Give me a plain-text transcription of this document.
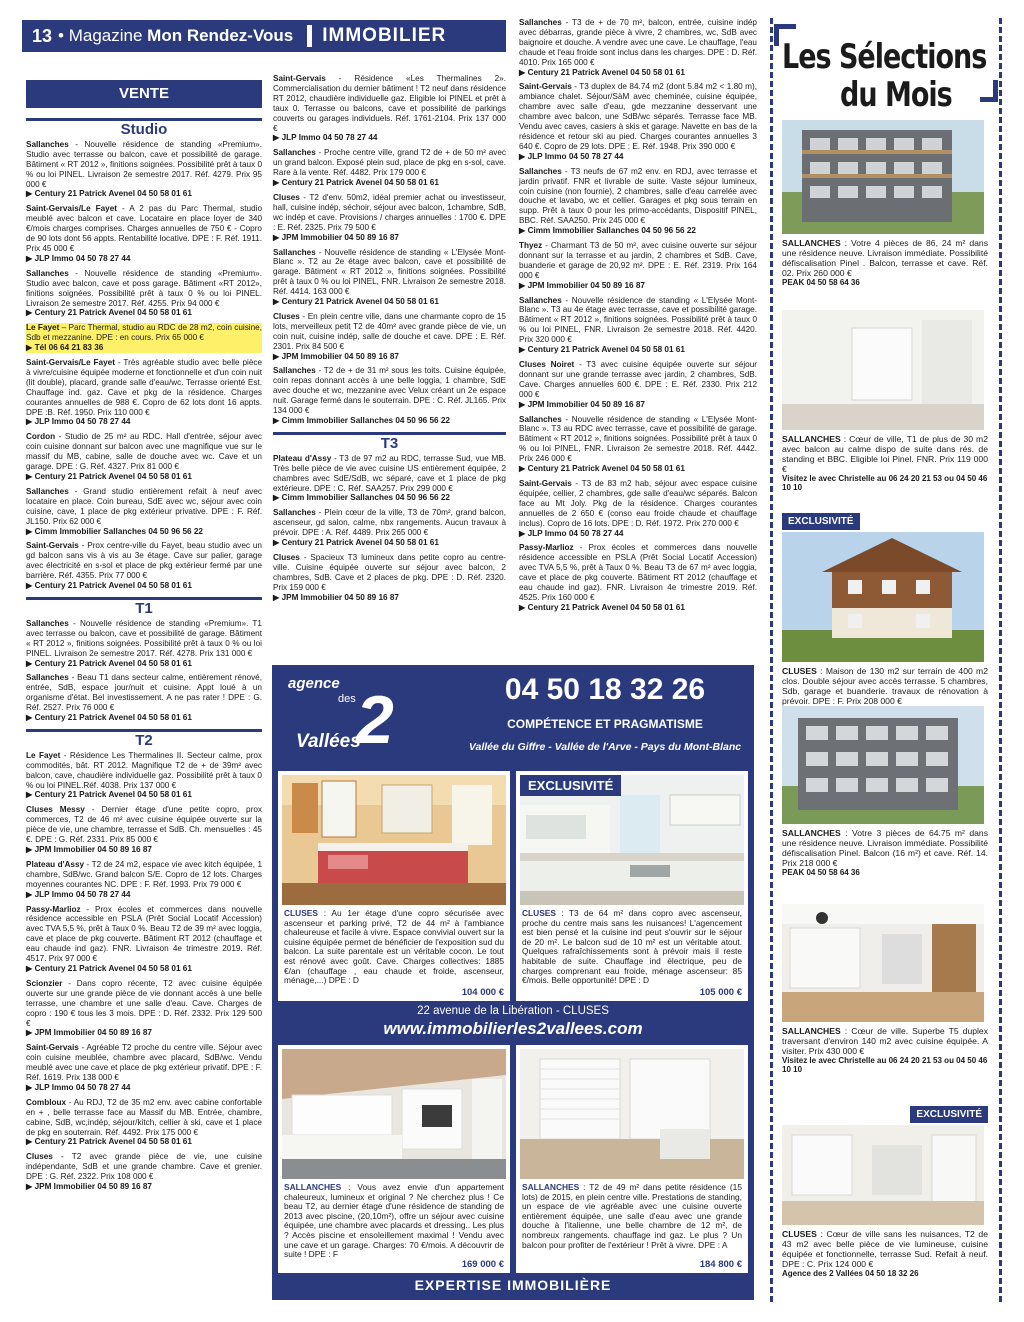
13 • Magazine Mon Rendez-Vous IMMOBILIER
VENTE
Studio
Sallanches - Nouvelle résidence de standing «Premium». Studio avec terrasse ou balcon, cave et possibilité de garage. Bâtiment « RT 2012 », finitions soignées. Possibilité prêt à taux 0 % ou loi PINEL. Livraison 2e semestre 2017. Réf. 4279. Prix 95 000 €
▶ Century 21 Patrick Avenel 04 50 58 01 61
Saint-Gervais/Le Fayet - A 2 pas du Parc Thermal, studio meublé avec balcon et cave. Locataire en place loyer de 340 €/mois charges comprises. Charges annuelles de 750 € - Copro de 90 lots dont 56 appts. Rentabilité locative. DPE : F. Réf. 1911. Prix 45 000 €
▶ JLP Immo 04 50 78 27 44
Sallanches - Nouvelle résidence de standing «Premium». Studio avec balcon, cave et poss garage. Bâtiment «RT 2012», finitions soignées. Possibilité prêt à taux 0 % ou loi PINEL. Livraison 2e semestre 2017. Réf. 4255. Prix 94 000 €
▶ Century 21 Patrick Avenel 04 50 58 01 61
Le Fayet – Parc Thermal, studio au RDC de 28 m2, coin cuisine, Sdb et mezzanine. DPE : en cours. Prix 65 000 €
▶ Tél 06 64 21 83 36
Saint-Gervais/Le Fayet - Très agréable studio avec belle pièce à vivre/cuisine équipée moderne et fonctionnelle et d'un coin nuit (lit double), placard, grande salle d'eau/wc. Terrasse orienté Est. Chauffage ind. gaz. Cave et pkg de la résidence. Charges courantes annuelles de 988 €. Copro de 62 lots dont 16 appts. DPE :B. Réf. 1950. Prix 110 000 €
▶ JLP Immo 04 50 78 27 44
Cordon - Studio de 25 m² au RDC. Hall d'entrée, séjour avec coin cuisine donnant sur balcon avec une magnifique vue sur le massif du MB, cabine, salle de douche avec wc. Cave et un garage. DPE : G. Réf. 4327. Prix 81 000 €
▶ Century 21 Patrick Avenel 04 50 58 01 61
Sallanches - Grand studio entièrement refait à neuf avec locataire en place. Coin bureau, SdE avec wc, séjour avec coin cuisine, cave, 1 place de pkg extérieur privative. DPE : F. Réf. JL150. Prix 62 000 €
▶ Cimm Immobilier Sallanches 04 50 96 56 22
Saint-Gervais - Prox centre-ville du Fayet, beau studio avec un gd balcon sans vis à vis au 3e étage. Cave sur palier, garage avec électricité en s-sol et place de pkg extérieur fermé par une barrière. Réf. 4355. Prix 77 000 €
▶ Century 21 Patrick Avenel 04 50 58 01 61
T1
Sallanches - Nouvelle résidence de standing «Premium». T1 avec terrasse ou balcon, cave et possibilité de garage. Bâtiment « RT 2012 », finitions soignées. Possibilité prêt à taux 0 % ou loi PINEL. Livraison 2e semestre 2017. Réf. 4278. Prix 131 000 €
▶ Century 21 Patrick Avenel 04 50 58 01 61
Sallanches - Beau T1 dans secteur calme, entièrement rénové, entrée, SdB, espace jour/nuit et cuisine. Appt loué à un organisme d'état. Bel investissement. A ne pas rater ! DPE : G. Réf. 2527. Prix 76 000 €
▶ Century 21 Patrick Avenel 04 50 58 01 61
T2
Le Fayet - Résidence Les Thermalines II. Secteur calme, prox commodités, bât. RT 2012. Magnifique T2 de + de 39m² avec balcon, cave, chaudière individuelle gaz. Possibilité prêt à taux 0 % ou loi PINEL.Réf. 4038. Prix 137 000 €
▶ Century 21 Patrick Avenel 04 50 58 01 61
Cluses Messy - Dernier étage d'une petite copro, prox commerces, T2 de 46 m² avec cuisine équipée ouverte sur la pièce de vie, une chambre, terrasse et SdB. Ch. mensuelles : 45 €. DPE : G. Réf. 2331. Prix 85 000 €
▶ JPM Immobilier 04 50 89 16 87
Plateau d'Assy - T2 de 24 m2, espace vie avec kitch équipée, 1 chambre, SdB/wc. Grand balcon S/E. Copro de 12 lots. Charges moyennes courantes NC. DPE : F. Réf. 1993. Prix 79 000 €
▶ JLP Immo 04 50 78 27 44
Passy-Marlioz - Prox écoles et commerces dans nouvelle résidence accessible en PSLA (Prêt Social Locatif Accession) avec TVA 5,5 %, prêt à Taux 0 %. Beau T2 de 39 m² avec loggia, cave et place de pkg couverte. Bâtiment RT 2012 (chauffage et eau chaude ind gaz). FNR. Livraison 4e trimestre 2019. Réf. 4517. Prix 97 000 €
▶ Century 21 Patrick Avenel 04 50 58 01 61
Scionzier - Dans copro récente, T2 avec cuisine équipée ouverte sur une grande pièce de vie donnant accès à une belle terrasse, une chambre et une salle d'eau. Cave. Charges de copro : 190 € tous les 3 mois. DPE : D. Réf. 2332. Prix 129 500 €
▶ JPM Immobilier 04 50 89 16 87
Saint-Gervais - Agréable T2 proche du centre ville. Séjour avec coin cuisine meublée, chambre avec placard, SdB/wc. Vendu meublé avec une cave et place de pkg extérieur privatif. DPE : F. Réf. 1619. Prix 138 000 €
▶ JLP Immo 04 50 78 27 44
Combloux - Au RDJ, T2 de 35 m2 env. avec cabine confortable en + , belle terrasse face au Massif du MB. Entrée, chambre, cabine, SdB, wc,indép, séjour/kitch, cellier à ski, cave et 1 place de pkg en souterrain. Réf. 4492. Prix 175 000 €
▶ Century 21 Patrick Avenel 04 50 58 01 61
Cluses - T2 avec grande pièce de vie, une cuisine indépendante, SdB et une grande chambre. Cave et grenier. DPE : G. Réf. 2322. Prix 108 000 €
▶ JPM Immobilier 04 50 89 16 87
Saint-Gervais - Résidence «Les Thermalines 2». Commercialisation du dernier bâtiment ! T2 neuf dans résidence RT 2012, chaudière individuelle gaz. Eligible loi PINEL et prêt à taux 0. Terrasse ou balcons, cave et possibilité de parkings couverts ou garages individuels. Réf. 1761-2104. Prix 137 000 €
▶ JLP Immo 04 50 78 27 44
Sallanches - Proche centre ville, grand T2 de + de 50 m² avec un grand balcon. Exposé plein sud, place de pkg en s-sol, cave. Rare à la vente. Réf. 4482. Prix 179 000 €
▶ Century 21 Patrick Avenel 04 50 58 01 61
Cluses - T2 d'env. 50m2, idéal premier achat ou investisseur, hall, cuisine indép, séchoir, séjour avec balcon, 1chambre, SdB, wc indép et cave. Provisions / charges annuelles : 1700 €. DPE : E. Réf. 2325. Prix 79 500 €
▶ JPM Immobilier 04 50 89 16 87
Sallanches - Nouvelle résidence de standing « L'Elysée Mont-Blanc ». T2 au 2e étage avec balcon, cave et possibilité de garage. Bâtiment « RT 2012 », finitions soignées. Possibilité prêt à taux 0 % ou loi PINEL, FNR. Livraison 2e semestre 2018. Réf. 4414. 163 000 €
▶ Century 21 Patrick Avenel 04 50 58 01 61
Cluses - En plein centre ville, dans une charmante copro de 15 lots, merveilleux petit T2 de 40m² avec grande pièce de vie, un coin nuit, cuisine indép, salle de douche et cave. DPE : E. Réf. 2301. Prix 84 500 €
▶ JPM Immobilier 04 50 89 16 87
Sallanches - T2 de + de 31 m² sous les toits. Cuisine équipée, coin repas donnant accès à une belle loggia, 1 chambre, SdE avec douche et wc, mezzanine avec Velux créant un 2e espace nuit. Garage fermé dans le souterrain. DPE : C. Réf. JL165. Prix 134 000 €
▶ Cimm Immobilier Sallanches 04 50 96 56 22
T3
Plateau d'Assy - T3 de 97 m2 au RDC, terrasse Sud, vue MB. Très belle pièce de vie avec cuisine US entièrement équipée, 2 chambres avec SdE/SdB, wc séparé, cave et 1 place de pkg extérieure. DPE : C. Réf. SAA257. Prix 299 000 €
▶ Cimm Immobilier Sallanches 04 50 96 56 22
Sallanches - Plein cœur de la ville, T3 de 70m², grand balcon, ascenseur, gd salon, calme, nbx rangements. Aucun travaux à prévoir. DPE : A. Réf. 4489. Prix 265 000 €
▶ Century 21 Patrick Avenel 04 50 58 01 61
Cluses - Spacieux T3 lumineux dans petite copro au centre-ville. Cuisine équipée ouverte sur séjour avec balcon, 2 chambres, SdB. Cave et 2 places de pkg. DPE : D. Réf. 2320. Prix 159 000 €
▶ JPM Immobilier 04 50 89 16 87
Sallanches - T3 de + de 70 m², balcon, entrée, cuisine indép avec débarras, grande pièce à vivre, 2 chambres, wc, SdB avec baignoire et douche. A vendre avec une cave. Le chauffage, l'eau chaude et l'eau froide sont inclus dans les charges. DPE : D. Réf. 4010. Prix 165 000 €
▶ Century 21 Patrick Avenel 04 50 58 01 61
Saint-Gervais - T3 duplex de 84.74 m2 (dont 5.84 m2 < 1.80 m), ambiance chalet. Séjour/SàM avec cheminée, cuisine équipée, chambre avec salle d'eau, gde mezzanine desservant une chambre avec balcon, une SdB/wc séparés. Terrasse face MB. Vendu avec caves, casiers à skis et garage. Navette en bas de la résidence et retour ski au pied. Charges courantes annuelles 3 640 €. Copro de 29 lots. DPE : E. Réf. 1948. Prix 390 000 €
▶ JLP Immo 04 50 78 27 44
Sallanches - T3 neufs de 67 m2 env. en RDJ, avec terrasse et jardin privatif. FNR et livrable de suite. Vaste séjour lumineux, coin cuisine (non fournie), 2 chambres, salle d'eau carrelée avec douche et lavabo, wc et cellier. Garages et pkg sous terrain en supp. Prêt à taux 0 pour les primo-accédants, Dispositif PINEL, BBC. Réf. SAA250. Prix 245 000 €
▶ Cimm Immobilier Sallanches 04 50 96 56 22
Thyez - Charmant T3 de 50 m², avec cuisine ouverte sur séjour donnant sur la terrasse et au jardin, 2 chambres et SdB. Cave, buanderie et garage de 20,92 m². DPE : E. Réf. 2319. Prix 164 000 €
▶ JPM Immobilier 04 50 89 16 87
Sallanches - Nouvelle résidence de standing « L'Elysée Mont-Blanc ». T3 au 4e étage avec terrasse, cave et possibilité garage. Bâtiment « RT 2012 », finitions soignées. Possibilité prêt à taux 0 % ou loi PINEL, FNR. Livraison 2e semestre 2018. Réf. 4420. Prix 320 000 €
▶ Century 21 Patrick Avenel 04 50 58 01 61
Cluses Noiret - T3 avec cuisine équipée ouverte sur séjour donnant sur une grande terrasse avec jardin, 2 chambres, SdB. Cave. Charges annuelles 600 €. DPE : E. Réf. 2330. Prix 212 000 €
▶ JPM Immobilier 04 50 89 16 87
Sallanches - Nouvelle résidence de standing « L'Elysée Mont-Blanc ». T3 au RDC avec terrasse, cave et possibilité de garage. Bâtiment « RT 2012 », finitions soignées. Possibilité prêt à taux 0 % ou loi PINEL, FNR. Livraison 2e semestre 2018. Réf. 4442. Prix 246 000 €
▶ Century 21 Patrick Avenel 04 50 58 01 61
Saint-Gervais - T3 de 83 m2 hab, séjour avec espace cuisine équipée, cellier, 2 chambres, gde salle d'eau/wc séparés. Balcon face au Mt Joly. Pkg de la résidence. Charges courantes annuelles de 2 650 € (conso eau froide chaude et chauffage inclus). Copro de 16 lots. DPE : D. Réf. 1972. Prix 270 000 €
▶ JLP Immo 04 50 78 27 44
Passy-Marlioz - Prox écoles et commerces dans nouvelle résidence accessible en PSLA (Prêt Social Locatif Accession) avec TVA 5,5 %, prêt à Taux 0 %. Beau T3 de 67 m² avec loggia, cave et place de pkg couverte. Bâtiment RT 2012 (chauffage et eau chaude ind gaz). FNR. Livraison 4e trimestre 2019. Réf. 4525. Prix 160 000 €
▶ Century 21 Patrick Avenel 04 50 58 01 61
agence
des 2
Vallées
04 50 18 32 26
COMPÉTENCE ET PRAGMATISME
Vallée du Giffre - Vallée de l'Arve - Pays du Mont-Blanc
CLUSES : Au 1er étage d'une copro sécurisée avec ascenseur et parking privé, T2 de 44 m² à l'ambiance chaleureuse et facile à vivre. Espace convivial ouvert sur la cuisine équipée permet de bénéficier de l'exposition sud du balcon. La suite parentale est un véritable cocon. Le tout est rénové avec goût. Cave. Charges collectives: 1885 €/an (chauffage , eau chaude et froide, ascenseur, ménage,...) DPE : D
104 000 €
EXCLUSIVITÉ
CLUSES : T3 de 64 m² dans copro avec ascenseur, proche du centre mais sans les nuisances! L'agencement est bien pensé et la cuisine ind peut s'ouvrir sur le séjour de 20 m². Le balcon sud de 10 m² est un véritable atout. Quelques rafraîchissements sont à prévoir mais il reste habitable de suite. Chauffage ind électrique, peu de charges comprenant eau froide, ménage ascenseur: 85 €/mois. Belle opportunité! DPE : D
105 000 €
22 avenue de la Libération - CLUSES
www.immobilierles2vallees.com
SALLANCHES : Vous avez envie d'un appartement chaleureux, lumineux et original ? Ne cherchez plus ! Ce beau T2, au dernier étage d'une résidence de standing de 2013 avec piscine, (20,10m²), offre un séjour avec cuisine équipée, une chambre avec placards et dressing.. Les plus ? Accès piscine et ensoleillement maximal ! Vendu avec une cave et un garage. Charges: 70 €/mois. A découvrir de suite ! DPE : F
169 000 €
SALLANCHES : T2 de 49 m² dans petite résidence (15 lots) de 2015, en plein centre ville. Prestations de standing, un espace de vie agréable avec une cuisine ouverte entièrement équipée, une salle d'eau avec une grande douche à l'italienne, une belle chambre de 12 m², de nombreux rangements. chauffage ind gaz. Le plus ? Un balcon pour profiter de l'extérieur ! Prêt à vivre. DPE : A
184 800 €
EXPERTISE IMMOBILIÈRE
Les Sélections
du Mois
SALLANCHES : Votre 4 pièces de 86, 24 m² dans une résidence neuve. Livraison immédiate. Possibilité défiscalisation Pinel . Balcon, terrasse et cave. Réf. 02. Prix 260 000 €
PEAK 04 50 58 64 36
SALLANCHES : Cœur de ville, T1 de plus de 30 m2 avec balcon au calme dispo de suite dans rés. de standing et BBC. Eligible loi Pinel. FNR. Prix 119 000 €
Visitez le avec Christelle au 06 24 20 21 53 ou 04 50 46 10 10
EXCLUSIVITÉ
CLUSES : Maison de 130 m2 sur terrain de 400 m2 clos. Double séjour avec accès terrasse. 5 chambres, Sdb, garage et buanderie. travaux de rénovation à prévoir. DPE : F. Prix 208 000 €
SALLANCHES : Votre 3 pièces de 64.75 m² dans une résidence neuve. Livraison immédiate. Possibilité défiscalisation Pinel. Balcon (16 m²) et cave. Réf. 14. Prix 218 000 €
PEAK 04 50 58 64 36
SALLANCHES : Cœur de ville. Superbe T5 duplex traversant d'environ 140 m2 avec cuisine équipée. A visiter. Prix 430 000 €
Visitez le avec Christelle au 06 24 20 21 53 ou 04 50 46 10 10
EXCLUSIVITÉ
CLUSES : Cœur de ville sans les nuisances, T2 de 43 m2 avec belle pièce de vie lumineuse, cuisine équipée et fonctionnelle, terrasse Sud. Refait à neuf. DPE : C. Prix 124 000 €
Agence des 2 Vallées 04 50 18 32 26
